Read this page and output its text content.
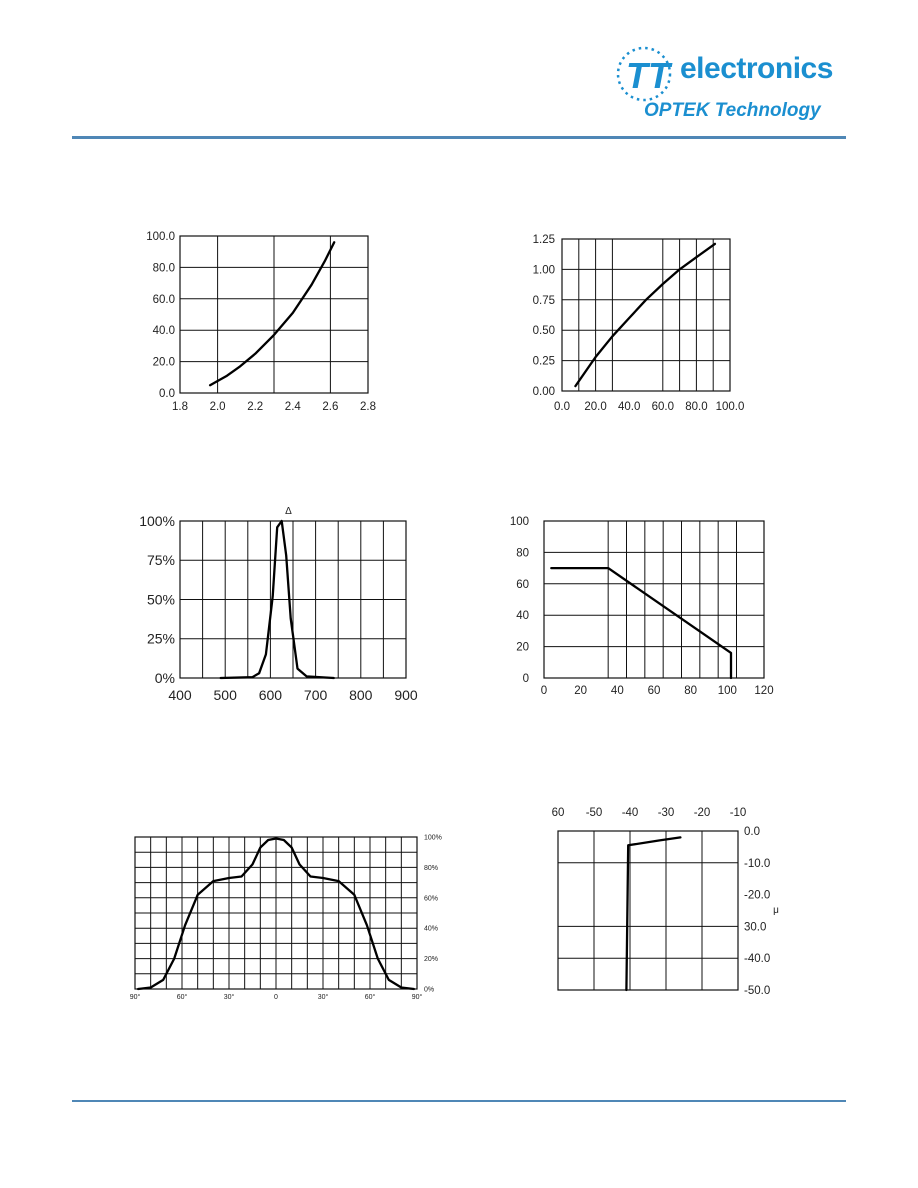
TT electronics
OPTEK Technology
0.0
20.0
40.0
60.0
80.0
100.0
1.8 2.0 2.2 2.4 2.6 2.8
0.00
0.25
0.50
0.75
1.00
1.25
0.0 20.0 40.0 60.0 80.0 100.0
0%
25%
50%
75%
100%
400 500 600 700 800 900
Δ
0
20
40
60
80
100
0 20 40 60 80 100 120
0%
20%
40%
60%
80%
100%
90°	60°	30°	0	30°	60°	90°
0.0
-10.0
-20.0
30.0
-40.0
-50.0
60 -50 -40 -30 -20 -10
μ
